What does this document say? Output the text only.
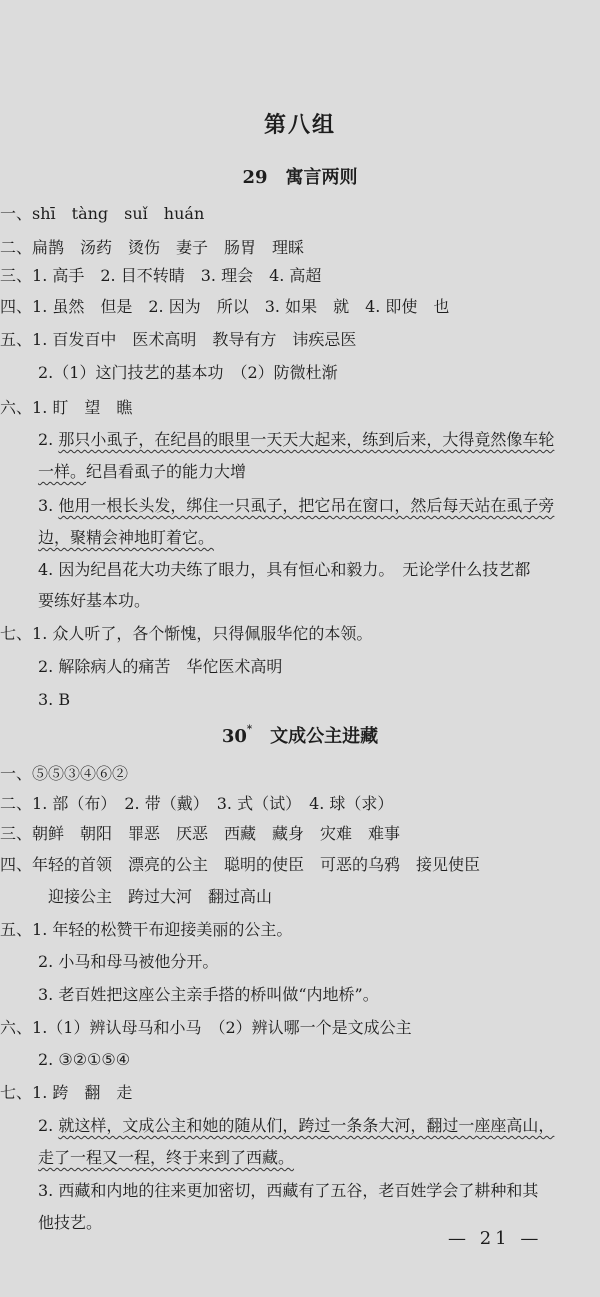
第八组
29 寓言两则
一、shī　tàng　suǐ　huán
二、扁鹊　汤药　烫伤　妻子　肠胃　理睬
三、1. 高手　2. 目不转睛　3. 理会　4. 高超
四、1. 虽然　但是　2. 因为　所以　3. 如果　就　4. 即使　也
五、1. 百发百中　医术高明　教导有方　讳疾忌医
2.（1）这门技艺的基本功　（2）防微杜渐
六、1. 盯　望　瞧
2. 那只小虱子，在纪昌的眼里一天天大起来，练到后来，大得竟然像车轮
一样。纪昌看虱子的能力大增
3. 他用一根长头发，绑住一只虱子，把它吊在窗口，然后每天站在虱子旁
边，聚精会神地盯着它。
4. 因为纪昌花大功夫练了眼力，具有恒心和毅力。　无论学什么技艺都
要练好基本功。
七、1. 众人听了，各个惭愧，只得佩服华佗的本领。
2. 解除病人的痛苦　华佗医术高明
3. B
30* 文成公主进藏
一、⑤⑤③④⑥②
二、1. 部（布）　2. 带（戴）　3. 式（试）　4. 球（求）
三、朝鲜　朝阳　罪恶　厌恶　西藏　藏身　灾难　难事
四、年轻的首领　漂亮的公主　聪明的使臣　可恶的乌鸦　接见使臣
迎接公主　跨过大河　翻过高山
五、1. 年轻的松赞干布迎接美丽的公主。
2. 小马和母马被他分开。
3. 老百姓把这座公主亲手搭的桥叫做“内地桥”。
六、1.（1）辨认母马和小马　（2）辨认哪一个是文成公主
2. ③②①⑤④
七、1. 跨　翻　走
2. 就这样，文成公主和她的随从们，跨过一条条大河，翻过一座座高山，
走了一程又一程，终于来到了西藏。
3. 西藏和内地的往来更加密切，西藏有了五谷，老百姓学会了耕种和其
他技艺。
— 21 —
